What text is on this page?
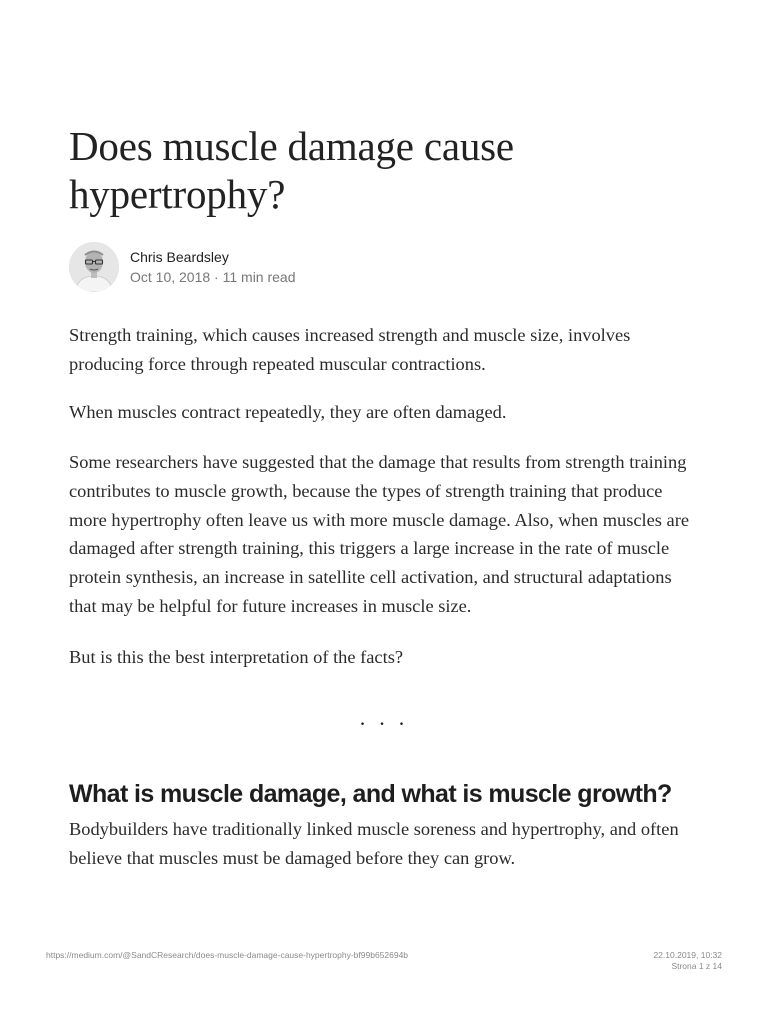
Does muscle damage cause hypertrophy?
Chris Beardsley
Oct 10, 2018 · 11 min read

Strength training, which causes increased strength and muscle size, involves producing force through repeated muscular contractions.

When muscles contract repeatedly, they are often damaged.

Some researchers have suggested that the damage that results from strength training contributes to muscle growth, because the types of strength training that produce more hypertrophy often leave us with more muscle damage. Also, when muscles are damaged after strength training, this triggers a large increase in the rate of muscle protein synthesis, an increase in satellite cell activation, and structural adaptations that may be helpful for future increases in muscle size.

But is this the best interpretation of the facts?

...
What is muscle damage, and what is muscle growth?

Bodybuilders have traditionally linked muscle soreness and hypertrophy, and often believe that muscles must be damaged before they can grow.

https://medium.com/@SandCResearch/does-muscle-damage-cause-hypertrophy-bf99b652694b	22.10.2019, 10:32
Strona 1 z 14
